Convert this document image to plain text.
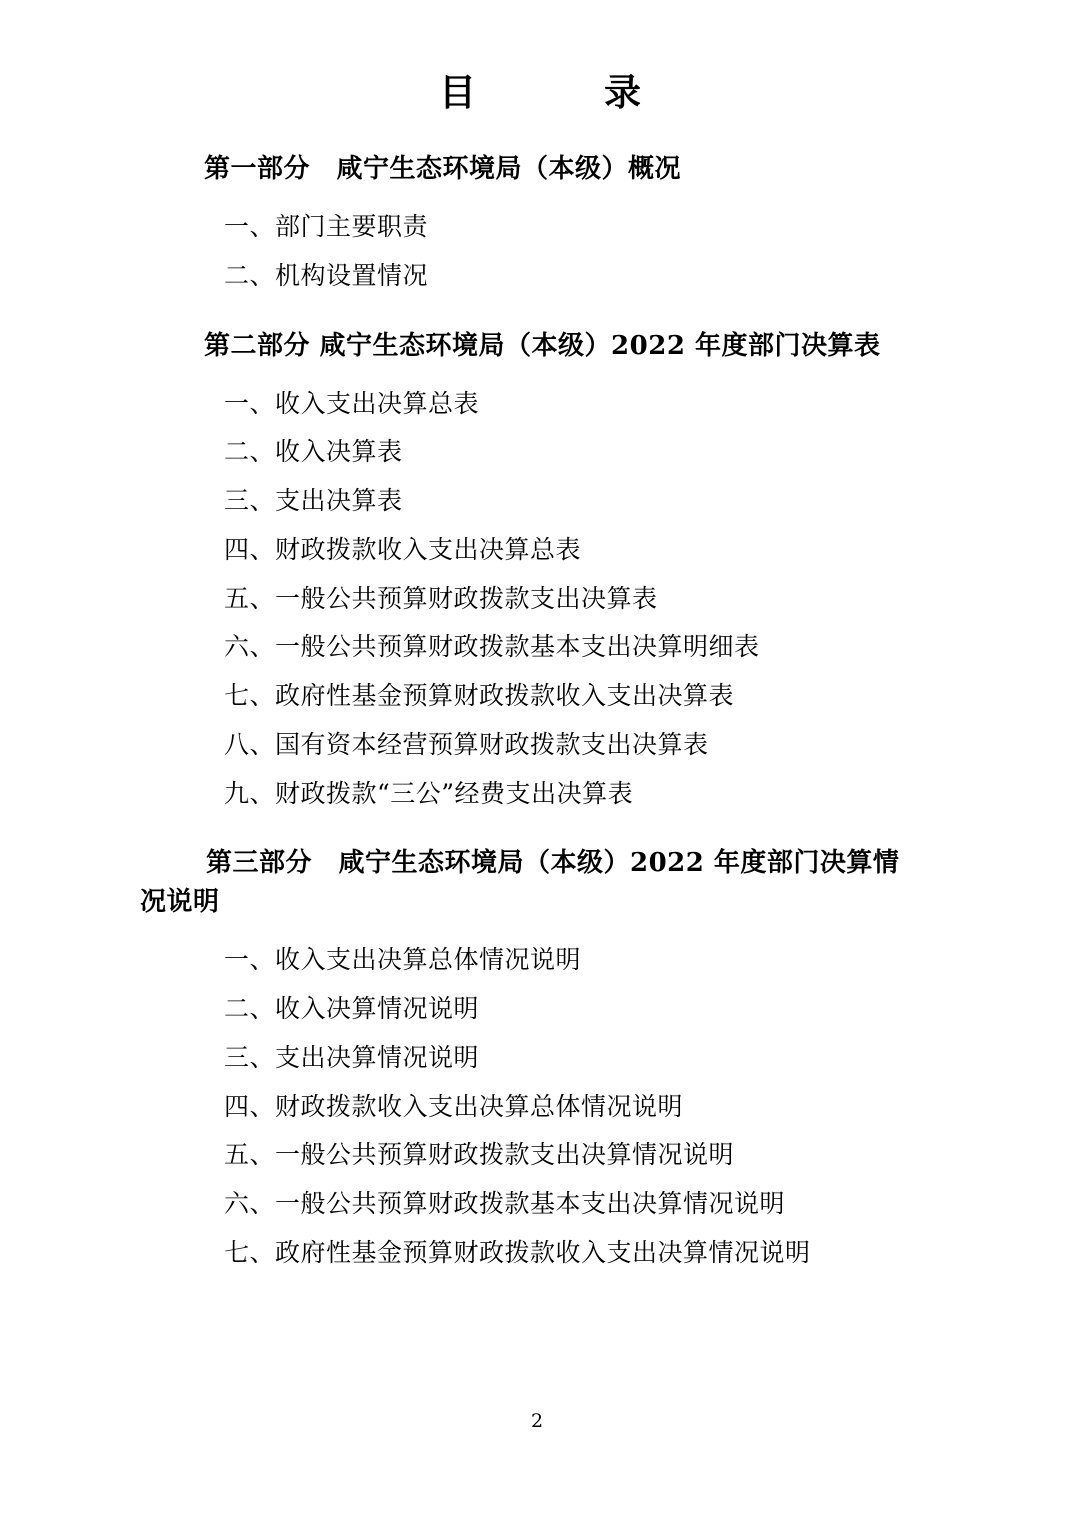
目　　录
第一部分　咸宁生态环境局（本级）概况
一、部门主要职责
二、机构设置情况
第二部分 咸宁生态环境局（本级）2022 年度部门决算表
一、收入支出决算总表
二、收入决算表
三、支出决算表
四、财政拨款收入支出决算总表
五、一般公共预算财政拨款支出决算表
六、一般公共预算财政拨款基本支出决算明细表
七、政府性基金预算财政拨款收入支出决算表
八、国有资本经营预算财政拨款支出决算表
九、财政拨款“三公”经费支出决算表
第三部分　咸宁生态环境局（本级）2022 年度部门决算情
况说明
一、收入支出决算总体情况说明
二、收入决算情况说明
三、支出决算情况说明
四、财政拨款收入支出决算总体情况说明
五、一般公共预算财政拨款支出决算情况说明
六、一般公共预算财政拨款基本支出决算情况说明
七、政府性基金预算财政拨款收入支出决算情况说明
2
